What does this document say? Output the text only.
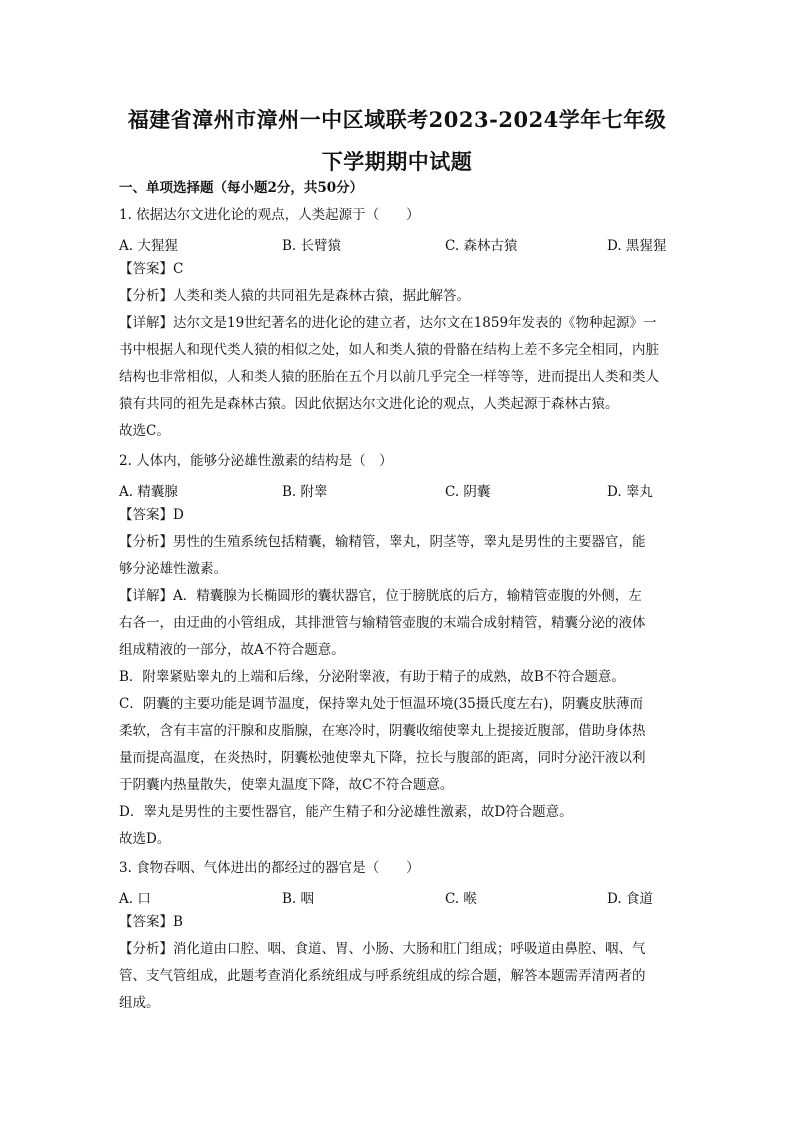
福建省漳州市漳州一中区域联考2023-2024学年七年级
下学期期中试题
一、单项选择题（每小题2分，共50分）
1. 依据达尔文进化论的观点，人类起源于（　　）
A. 大猩猩	B. 长臂猿	C. 森林古猿	D. 黑猩猩
【答案】C
【分析】人类和类人猿的共同祖先是森林古猿，据此解答。
【详解】达尔文是19世纪著名的进化论的建立者，达尔文在1859年发表的《物种起源》一
书中根据人和现代类人猿的相似之处，如人和类人猿的骨骼在结构上差不多完全相同，内脏
结构也非常相似，人和类人猿的胚胎在五个月以前几乎完全一样等等，进而提出人类和类人
猿有共同的祖先是森林古猿。因此依据达尔文进化论的观点，人类起源于森林古猿。
故选C。
2. 人体内，能够分泌雄性激素的结构是（　）
A. 精囊腺	B. 附睾	C. 阴囊	D. 睾丸
【答案】D
【分析】男性的生殖系统包括精囊，输精管，睾丸，阴茎等，睾丸是男性的主要器官，能
够分泌雄性激素。
【详解】A．精囊腺为长椭圆形的囊状器官，位于膀胱底的后方，输精管壶腹的外侧，左
右各一，由迂曲的小管组成，其排泄管与输精管壶腹的末端合成射精管，精囊分泌的液体
组成精液的一部分，故A不符合题意。
B．附睾紧贴睾丸的上端和后缘，分泌附睾液，有助于精子的成熟，故B不符合题意。
C．阴囊的主要功能是调节温度，保持睾丸处于恒温环境(35摄氏度左右)，阴囊皮肤薄而
柔软，含有丰富的汗腺和皮脂腺，在寒冷时，阴囊收缩使睾丸上提接近腹部，借助身体热
量而提高温度，在炎热时，阴囊松弛使睾丸下降，拉长与腹部的距离，同时分泌汗液以利
于阴囊内热量散失，使睾丸温度下降，故C不符合题意。
D．睾丸是男性的主要性器官，能产生精子和分泌雄性激素，故D符合题意。
故选D。
3. 食物吞咽、气体进出的都经过的器官是（　　）
A. 口	B. 咽	C. 喉	D. 食道
【答案】B
【分析】消化道由口腔、咽、食道、胃、小肠、大肠和肛门组成；呼吸道由鼻腔、咽、气
管、支气管组成，此题考查消化系统组成与呼系统组成的综合题，解答本题需弄清两者的
组成。
